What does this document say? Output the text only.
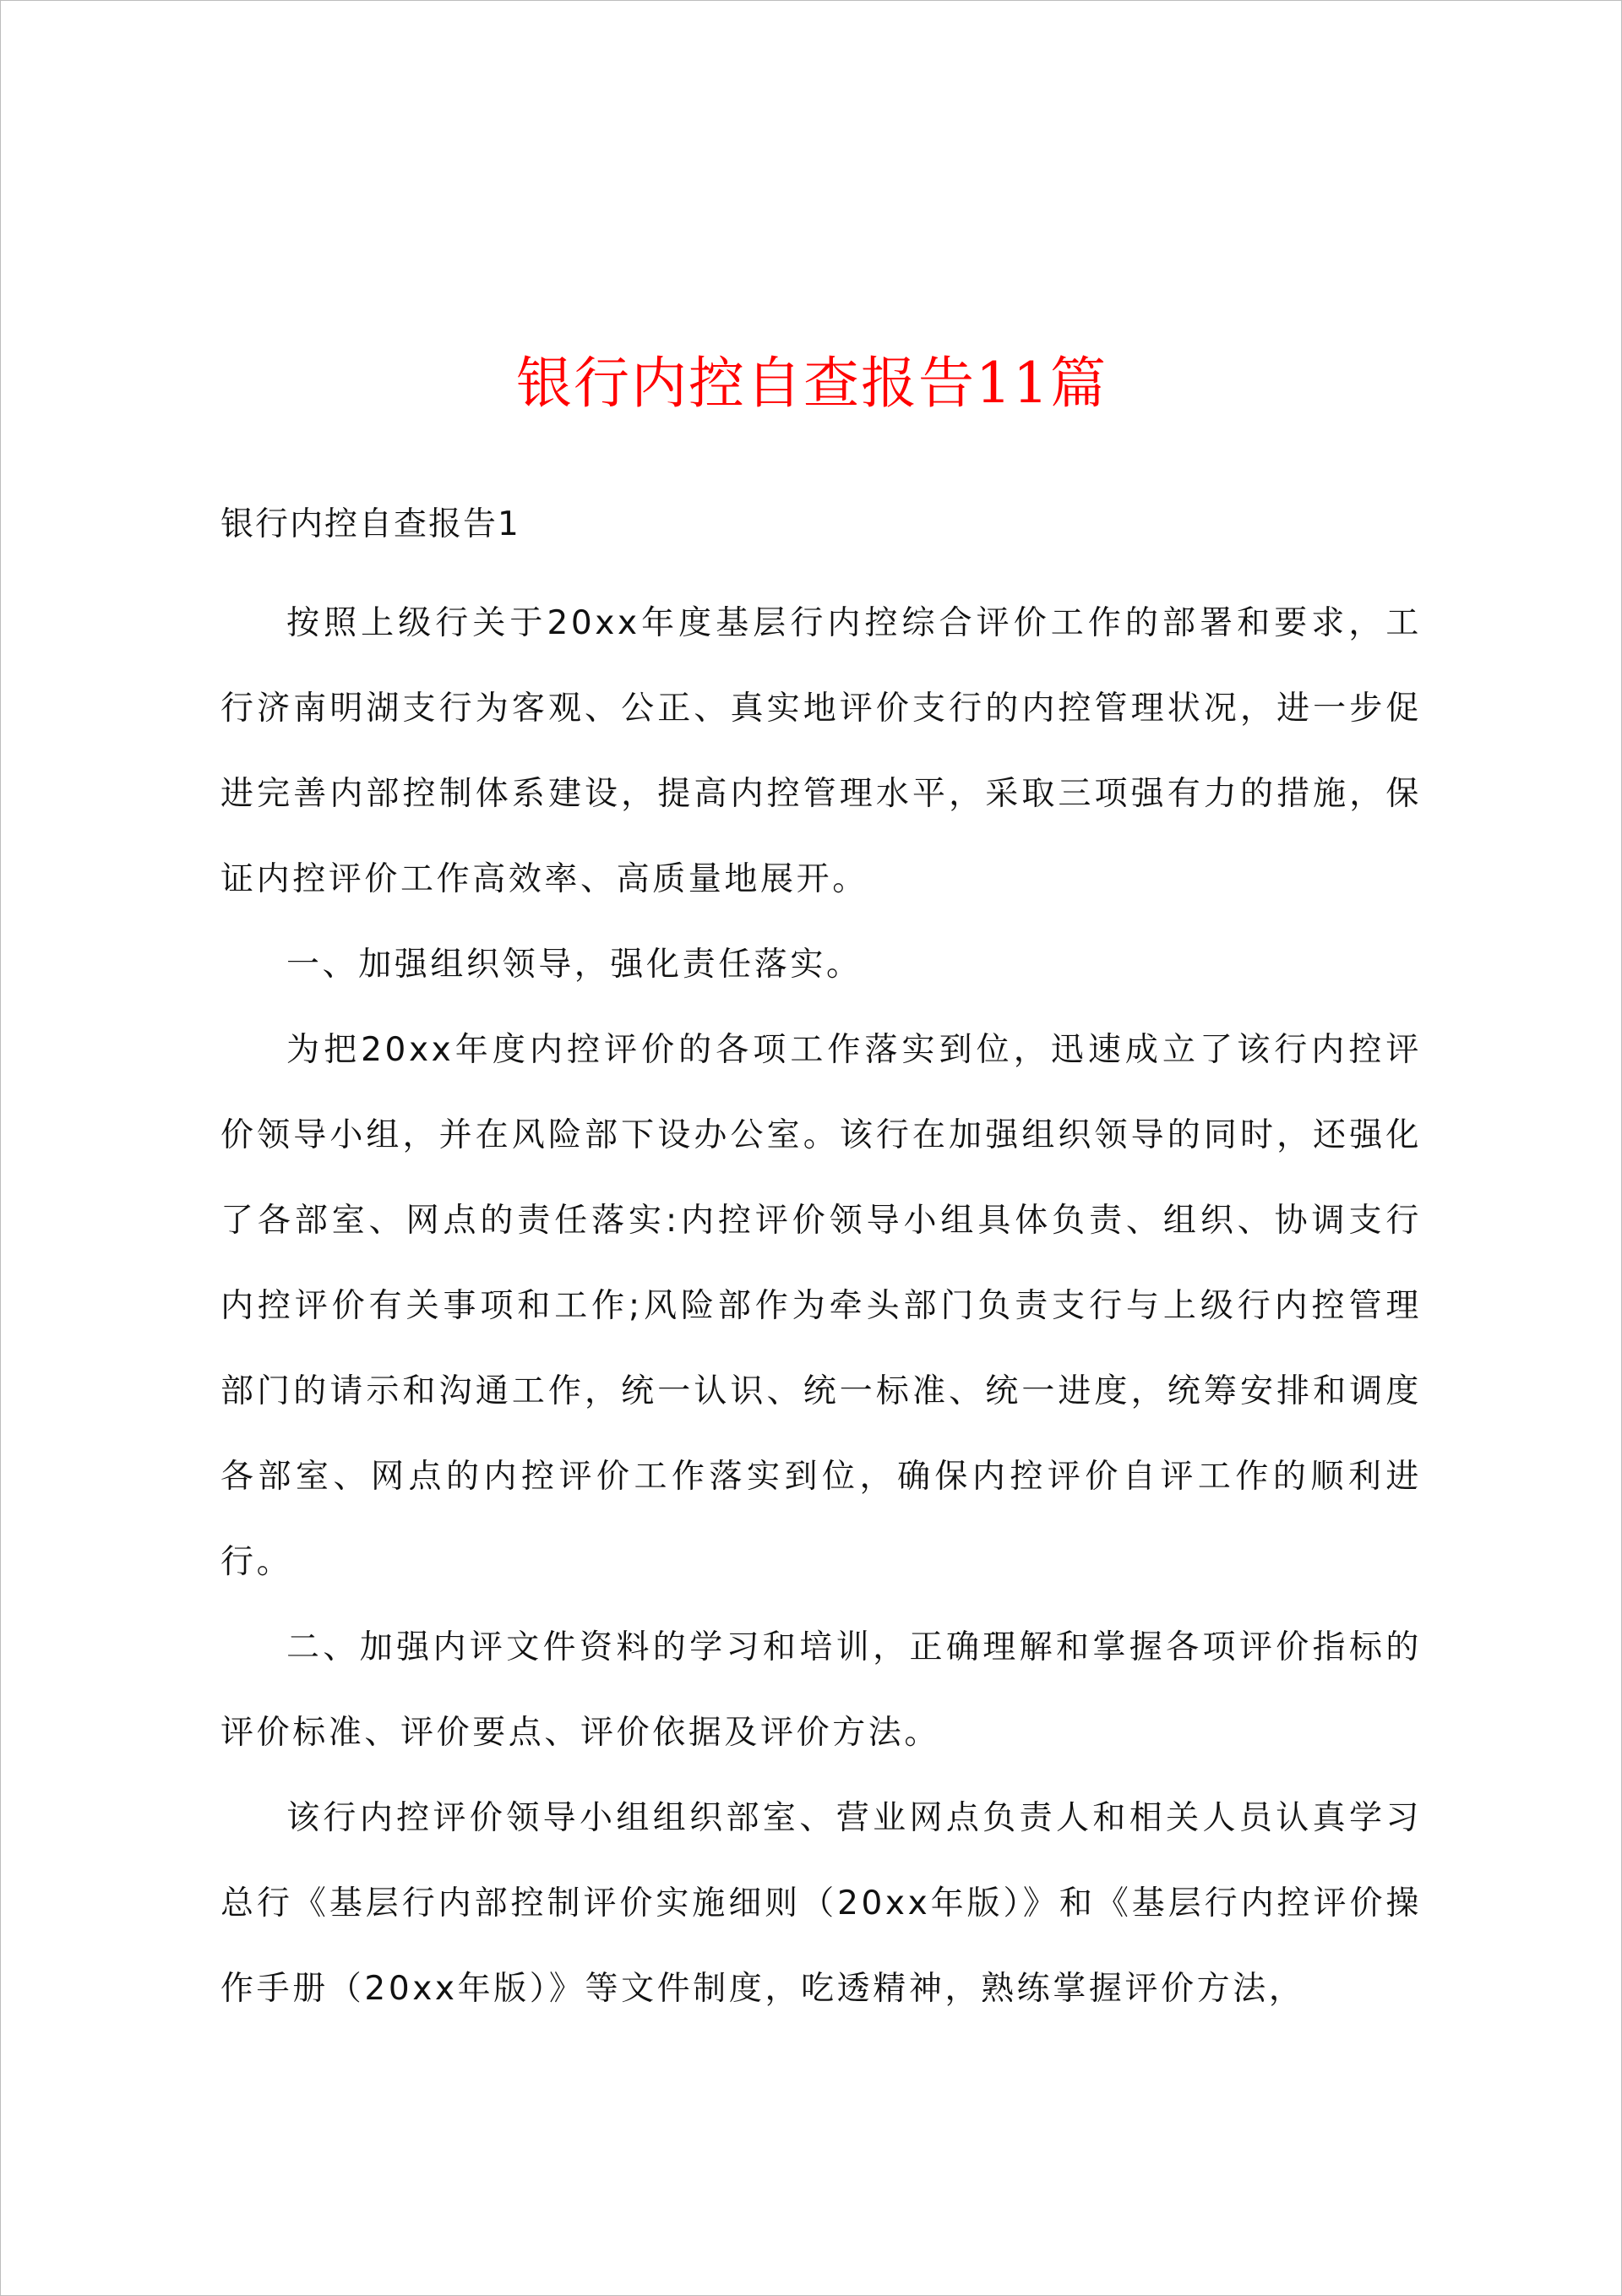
银行内控自查报告11篇
银行内控自查报告1

按照上级行关于20xx年度基层行内控综合评价工作的部署和要求，工行济南明湖支行为客观、公正、真实地评价支行的内控管理状况，进一步促进完善内部控制体系建设，提高内控管理水平，采取三项强有力的措施，保证内控评价工作高效率、高质量地展开。

一、加强组织领导，强化责任落实。

为把20xx年度内控评价的各项工作落实到位，迅速成立了该行内控评价领导小组，并在风险部下设办公室。该行在加强组织领导的同时，还强化了各部室、网点的责任落实:内控评价领导小组具体负责、组织、协调支行内控评价有关事项和工作;风险部作为牵头部门负责支行与上级行内控管理部门的请示和沟通工作，统一认识、统一标准、统一进度，统筹安排和调度各部室、网点的内控评价工作落实到位，确保内控评价自评工作的顺利进行。

二、加强内评文件资料的学习和培训，正确理解和掌握各项评价指标的评价标准、评价要点、评价依据及评价方法。

该行内控评价领导小组组织部室、营业网点负责人和相关人员认真学习总行《基层行内部控制评价实施细则（20xx年版）》和《基层行内控评价操作手册（20xx年版）》等文件制度，吃透精神，熟练掌握评价方法，
